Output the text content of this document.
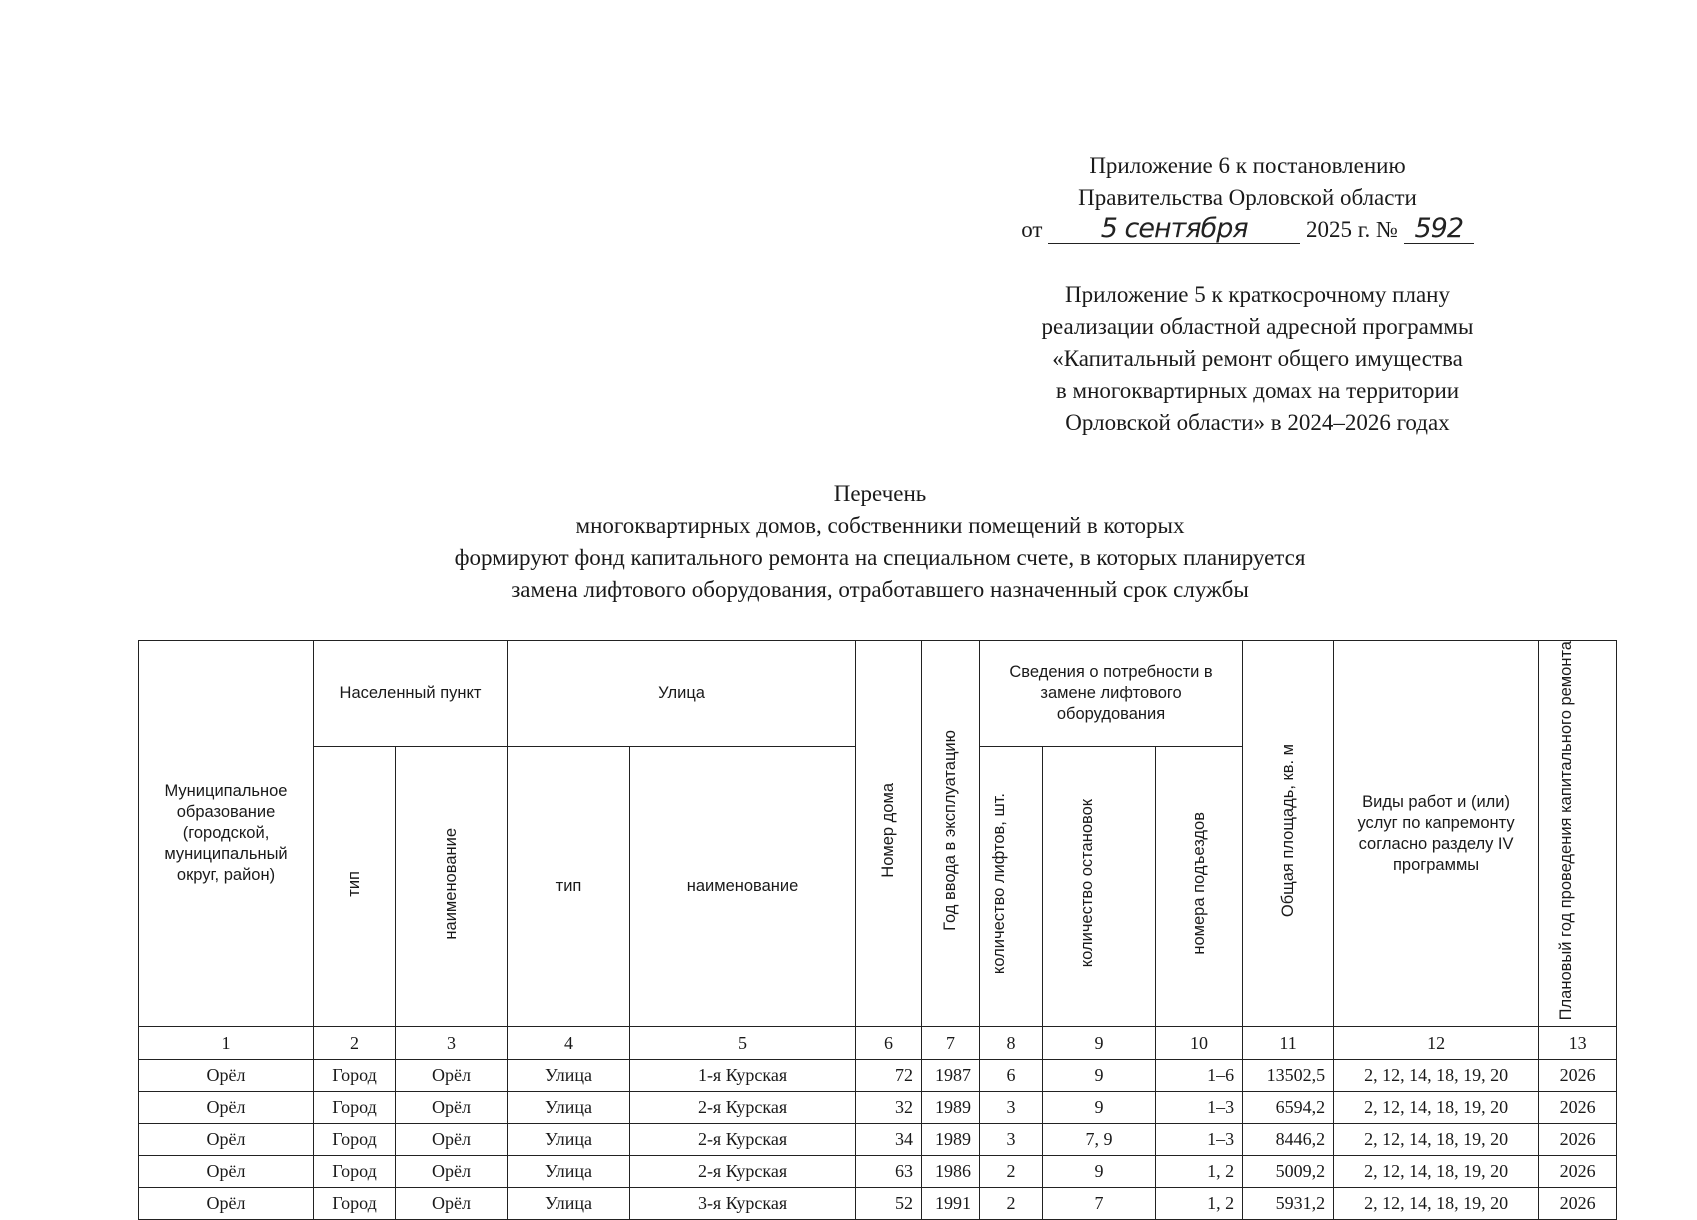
Приложение 6 к постановлению
Правительства Орловской области
от 5 сентября	2025 г. № 592
Приложение 5 к краткосрочному плану
реализации областной адресной программы
«Капитальный ремонт общего имущества
в многоквартирных домах на территории
Орловской области» в 2024–2026 годах
Перечень
многоквартирных домов, собственники помещений в которых
формируют фонд капитального ремонта на специальном счете, в которых планируется
замена лифтового оборудования, отработавшего назначенный срок службы
Муниципальное образование (городской, муниципальный округ, район)	Населенный пункт		Улица		Номер дома	Год ввода в эксплуатацию	Сведения о потребности в замене лифтового оборудования			Общая площадь, кв. м	Виды работ и (или) услуг по капремонту согласно разделу IV программы	Плановый год проведения капитального ремонта
	тип	наименование	тип	наименование			количество лифтов, шт.	количество остановок	номера подъездов			
1	2	3	4	5	6	7	8	9	10	11	12	13
Орёл	Город	Орёл	Улица	1-я Курская	72	1987	6	9	1–6	13502,5	2, 12, 14, 18, 19, 20	2026
Орёл	Город	Орёл	Улица	2-я Курская	32	1989	3	9	1–3	6594,2	2, 12, 14, 18, 19, 20	2026
Орёл	Город	Орёл	Улица	2-я Курская	34	1989	3	7, 9	1–3	8446,2	2, 12, 14, 18, 19, 20	2026
Орёл	Город	Орёл	Улица	2-я Курская	63	1986	2	9	1, 2	5009,2	2, 12, 14, 18, 19, 20	2026
Орёл	Город	Орёл	Улица	3-я Курская	52	1991	2	7	1, 2	5931,2	2, 12, 14, 18, 19, 20	2026
